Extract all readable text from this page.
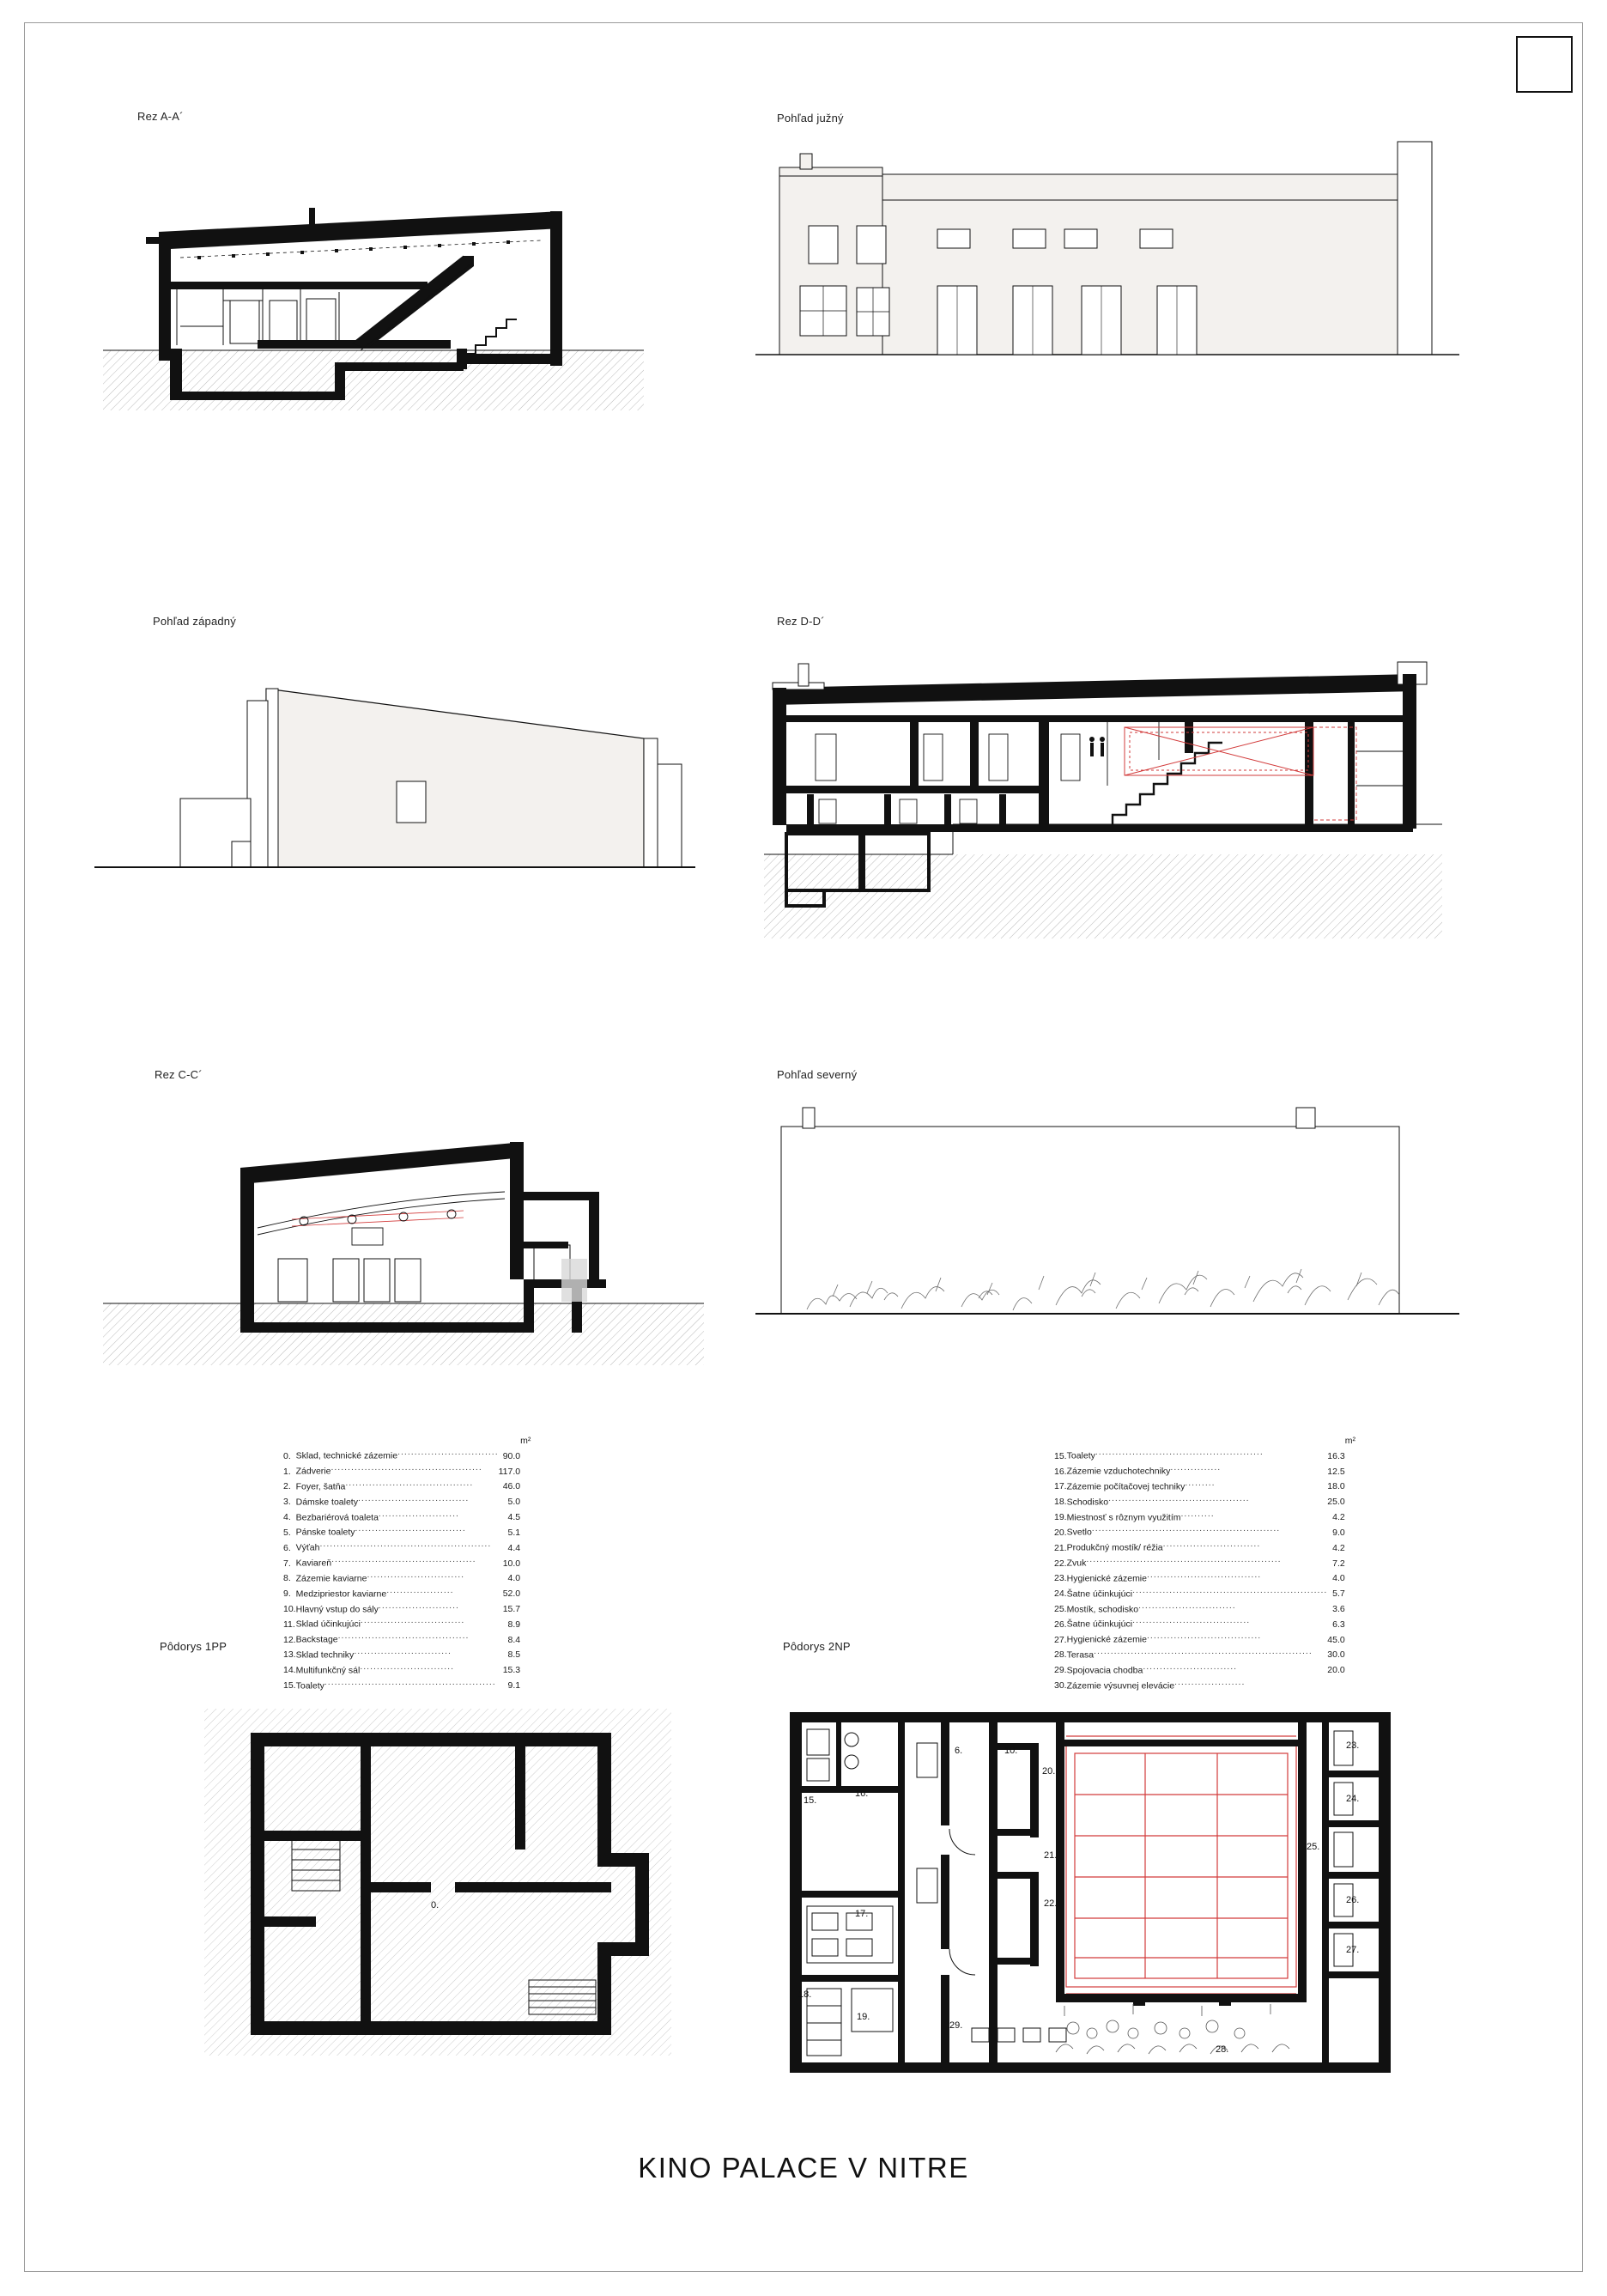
Rez A-A´	Pohľad južný
Pohľad západný	Rez D-D´
Rez C-C´	Pohľad severný
			m²
0.	Sklad, technické zázemie..............................	90.0	
1.	Zádverie.............................................	117.0	
2.	Foyer, šatňa......................................	46.0	
3.	Dámske toalety.................................	5.0	
4.	Bezbariérová toaleta........................	4.5	
5.	Pánske toalety.................................	5.1	
6.	Výťah...................................................	4.4	
7.	Kaviareň...........................................	10.0	
8.	Zázemie kaviarne.............................	4.0	
9.	Medzipriestor kaviarne....................	52.0	
10.	Hlavný vstup do sály........................	15.7	
11.	Sklad účinkujúci...............................	8.9	
12.	Backstage.......................................	8.4	
13.	Sklad techniky.............................	8.5	
14.	Multifunkčný sál............................	15.3	
15.	Toalety...................................................	9.1	
			m²
15.	Toalety..................................................	16.3	
16.	Zázemie vzduchotechniky...............	12.5	
17.	Zázemie počítačovej techniky.........	18.0	
18.	Schodisko..........................................	25.0	
19.	Miestnosť s rôznym využitím..........	4.2	
20.	Svetlo........................................................	9.0	
21.	Produkčný mostík/ réžia.............................	4.2	
22.	Zvuk..........................................................	7.2	
23.	Hygienické zázemie..................................	4.0	
24.	Šatne účinkujúci..........................................................	5.7	
25.	Mostík, schodisko.............................	3.6	
26.	Šatne účinkujúci...................................	6.3	
27.	Hygienické zázemie..................................	45.0	
28.	Terasa.................................................................	30.0	
29.	Spojovacia chodba............................	20.0	
30.	Zázemie výsuvnej elevácie.....................		
Pôdorys 1PP
0.
Pôdorys 2NP
15.
16.
6.	10.
20.
21.
17.
22.
18.
19.
29.
23.
24.
25.
26.
27.
28.
KINO PALACE V NITRE
